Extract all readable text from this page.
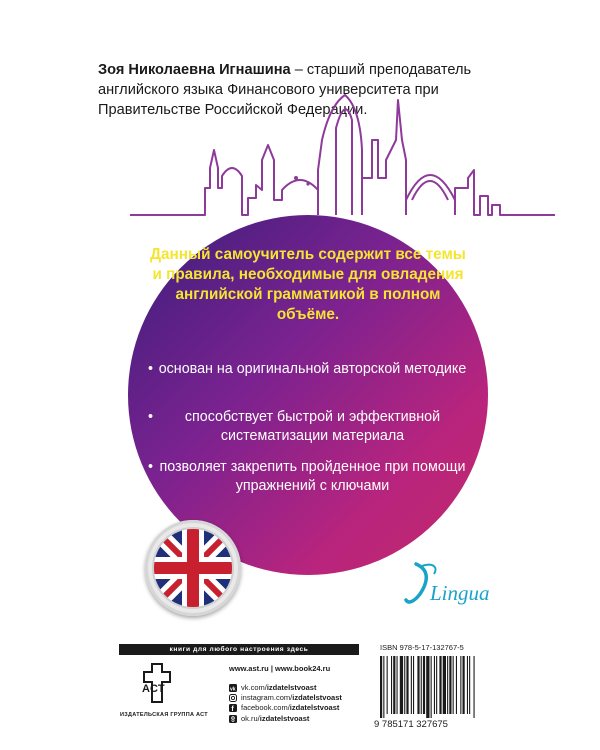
Зоя Николаевна Игнашина – старший преподаватель английского языка Финансового университета при Правительстве Российской Федерации.
Данный самоучитель содержит все темы и правила, необходимые для овладения английской грамматикой в полном объёме.
• основан на оригинальной авторской методике
• способствует быстрой и эффективной систематизации материала
• позволяет закрепить пройденное при помощи упражнений с ключами
Lingua
книги для любого настроения здесь
ACT
ИЗДАТЕЛЬСКАЯ ГРУППА АСТ
www.ast.ru | www.book24.ru
vk vk.com/ izdatelstvoast
instagram.com/ izdatelstvoast
f facebook.com/ izdatelstvoast
ok.ru/ izdatelstvoast
ISBN 978-5-17-132767-5
9 785171 327675
